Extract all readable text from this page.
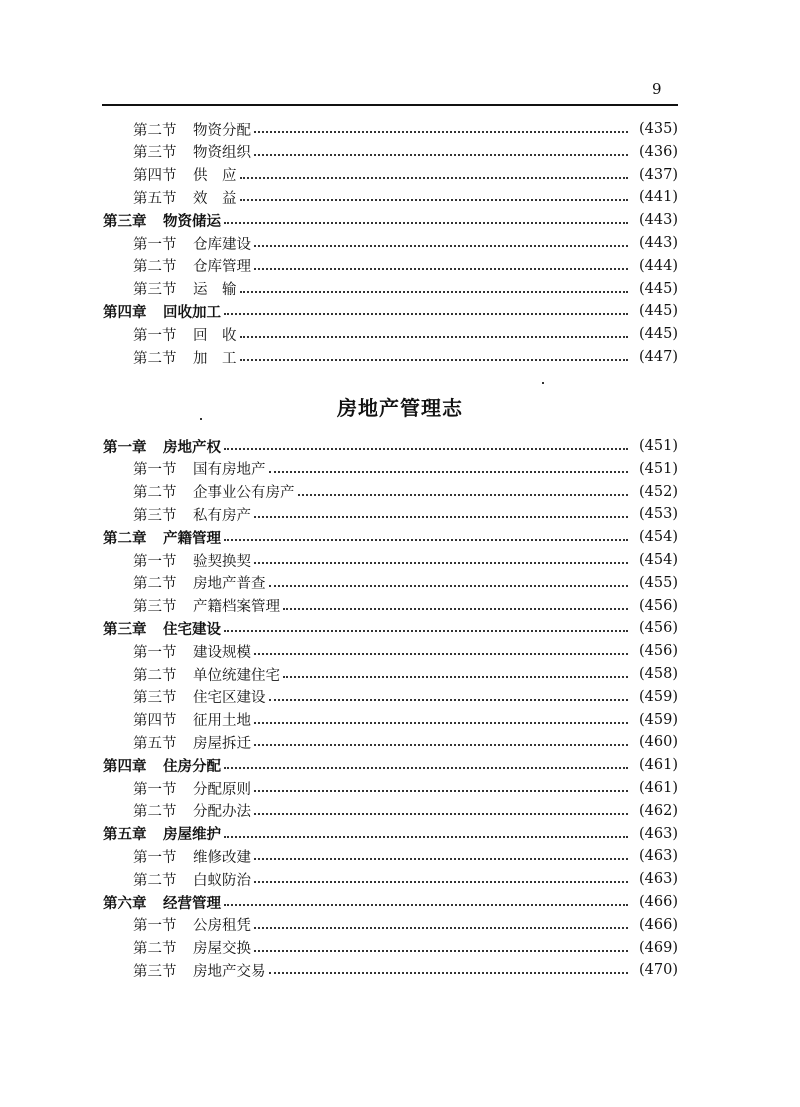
9
第二节	物资分配	(435)
第三节	物资组织	(436)
第四节	供　应	(437)
第五节	效　益	(441)
第三章	物资储运	(443)
第一节	仓库建设	(443)
第二节	仓库管理	(444)
第三节	运　输	(445)
第四章	回收加工	(445)
第一节	回　收	(445)
第二节	加　工	(447)
房地产管理志
第一章	房地产权	(451)
第一节	国有房地产	(451)
第二节	企事业公有房产	(452)
第三节	私有房产	(453)
第二章	产籍管理	(454)
第一节	验契换契	(454)
第二节	房地产普查	(455)
第三节	产籍档案管理	(456)
第三章	住宅建设	(456)
第一节	建设规模	(456)
第二节	单位统建住宅	(458)
第三节	住宅区建设	(459)
第四节	征用土地	(459)
第五节	房屋拆迁	(460)
第四章	住房分配	(461)
第一节	分配原则	(461)
第二节	分配办法	(462)
第五章	房屋维护	(463)
第一节	维修改建	(463)
第二节	白蚁防治	(463)
第六章	经营管理	(466)
第一节	公房租凭	(466)
第二节	房屋交换	(469)
第三节	房地产交易	(470)
